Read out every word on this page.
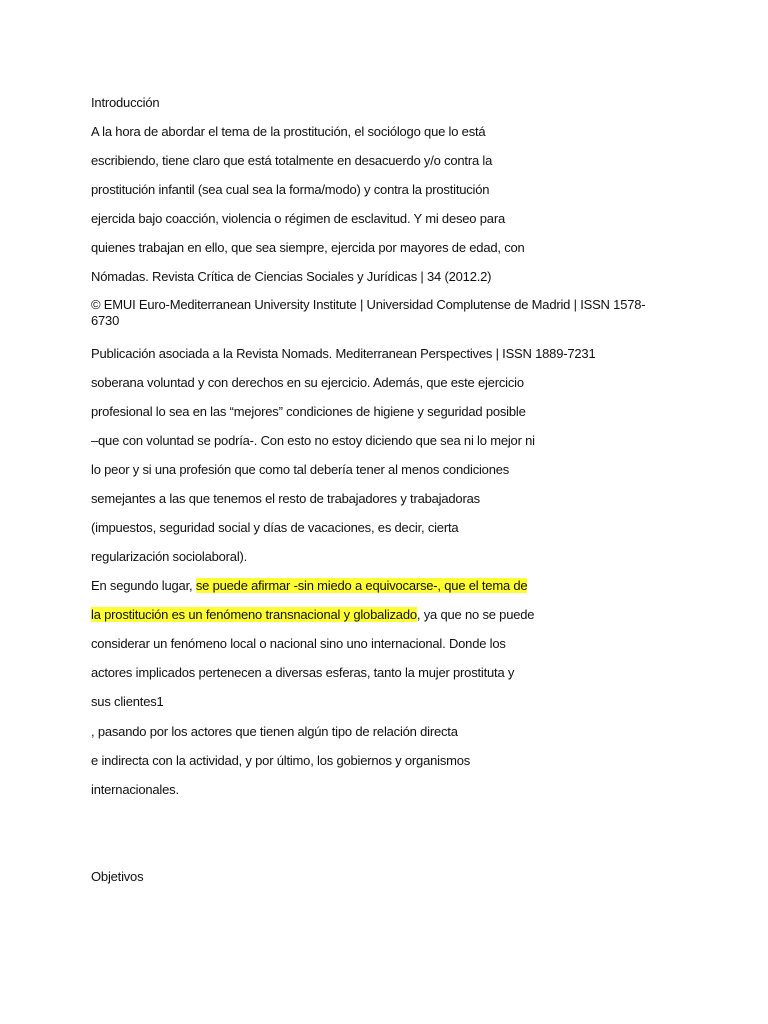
Introducción
A la hora de abordar el tema de la prostitución, el sociólogo que lo está
escribiendo, tiene claro que está totalmente en desacuerdo y/o contra la
prostitución infantil (sea cual sea la forma/modo) y contra la prostitución
ejercida bajo coacción, violencia o régimen de esclavitud. Y mi deseo para
quienes trabajan en ello, que sea siempre, ejercida por mayores de edad, con
Nómadas. Revista Crítica de Ciencias Sociales y Jurídicas | 34 (2012.2)
© EMUI Euro-Mediterranean University Institute | Universidad Complutense de Madrid | ISSN 1578-6730
Publicación asociada a la Revista Nomads. Mediterranean Perspectives | ISSN 1889-7231
soberana voluntad y con derechos en su ejercicio. Además, que este ejercicio
profesional lo sea en las “mejores” condiciones de higiene y seguridad posible
–que con voluntad se podría-. Con esto no estoy diciendo que sea ni lo mejor ni
lo peor y si una profesión que como tal debería tener al menos condiciones
semejantes a las que tenemos el resto de trabajadores y trabajadoras
(impuestos, seguridad social y días de vacaciones, es decir, cierta
regularización sociolaboral).
En segundo lugar, se puede afirmar -sin miedo a equivocarse-, que el tema de
la prostitución es un fenómeno transnacional y globalizado, ya que no se puede
considerar un fenómeno local o nacional sino uno internacional. Donde los
actores implicados pertenecen a diversas esferas, tanto la mujer prostituta y
sus clientes1
, pasando por los actores que tienen algún tipo de relación directa
e indirecta con la actividad, y por último, los gobiernos y organismos
internacionales.
Objetivos
